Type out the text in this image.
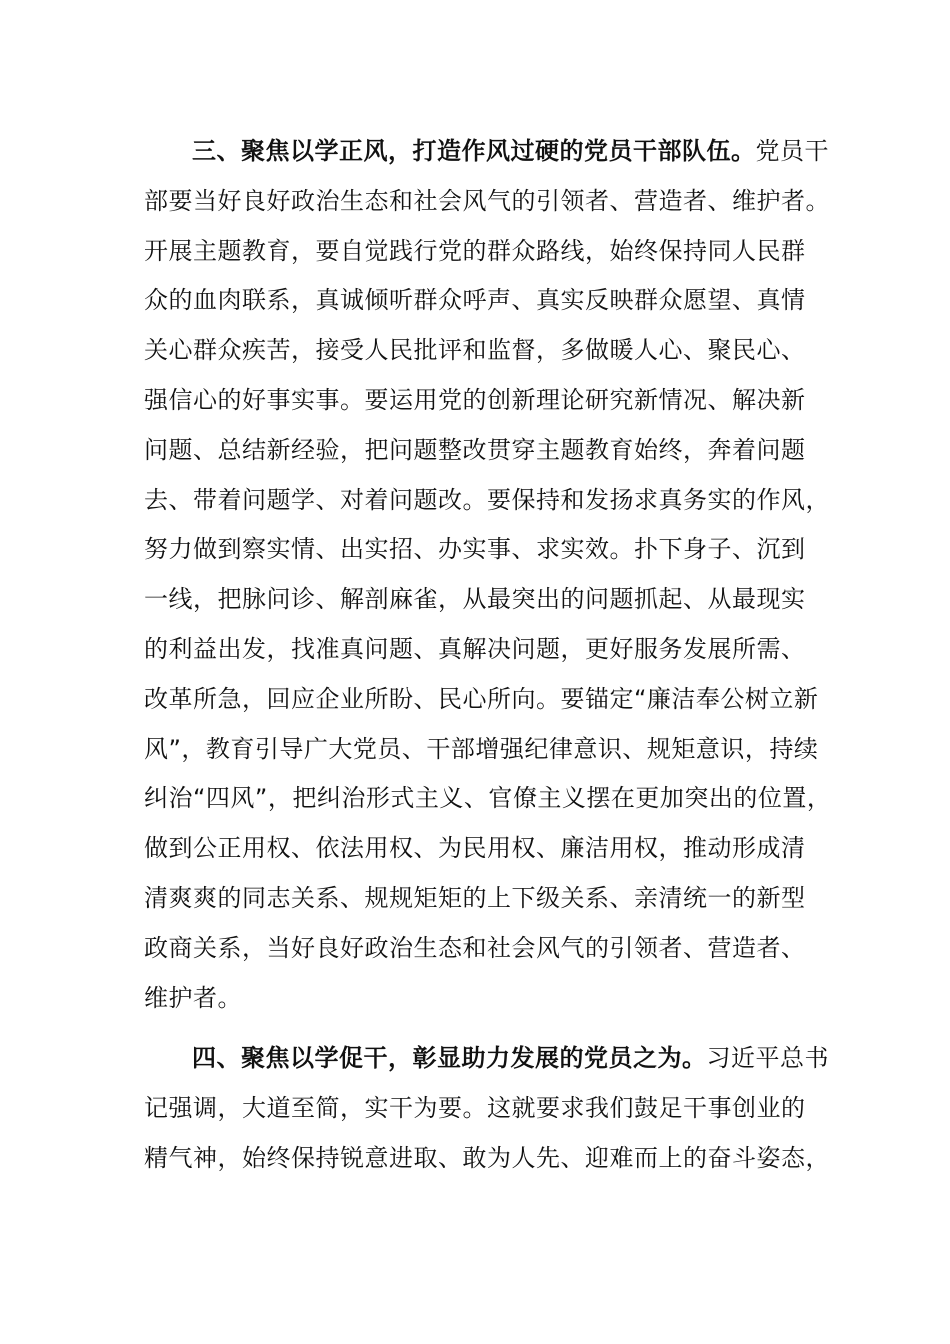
三、聚焦以学正风，打造作风过硬的党员干部队伍。党员干
部要当好良好政治生态和社会风气的引领者、营造者、维护者。
开展主题教育，要自觉践行党的群众路线，始终保持同人民群
众的血肉联系，真诚倾听群众呼声、真实反映群众愿望、真情
关心群众疾苦，接受人民批评和监督，多做暖人心、聚民心、
强信心的好事实事。要运用党的创新理论研究新情况、解决新
问题、总结新经验，把问题整改贯穿主题教育始终，奔着问题
去、带着问题学、对着问题改。要保持和发扬求真务实的作风，
努力做到察实情、出实招、办实事、求实效。扑下身子、沉到
一线，把脉问诊、解剖麻雀，从最突出的问题抓起、从最现实
的利益出发，找准真问题、真解决问题，更好服务发展所需、
改革所急，回应企业所盼、民心所向。要锚定“廉洁奉公树立新
风”，教育引导广大党员、干部增强纪律意识、规矩意识，持续
纠治“四风”，把纠治形式主义、官僚主义摆在更加突出的位置，
做到公正用权、依法用权、为民用权、廉洁用权，推动形成清
清爽爽的同志关系、规规矩矩的上下级关系、亲清统一的新型
政商关系，当好良好政治生态和社会风气的引领者、营造者、
维护者。
四、聚焦以学促干，彰显助力发展的党员之为。习近平总书
记强调，大道至简，实干为要。这就要求我们鼓足干事创业的
精气神，始终保持锐意进取、敢为人先、迎难而上的奋斗姿态，
